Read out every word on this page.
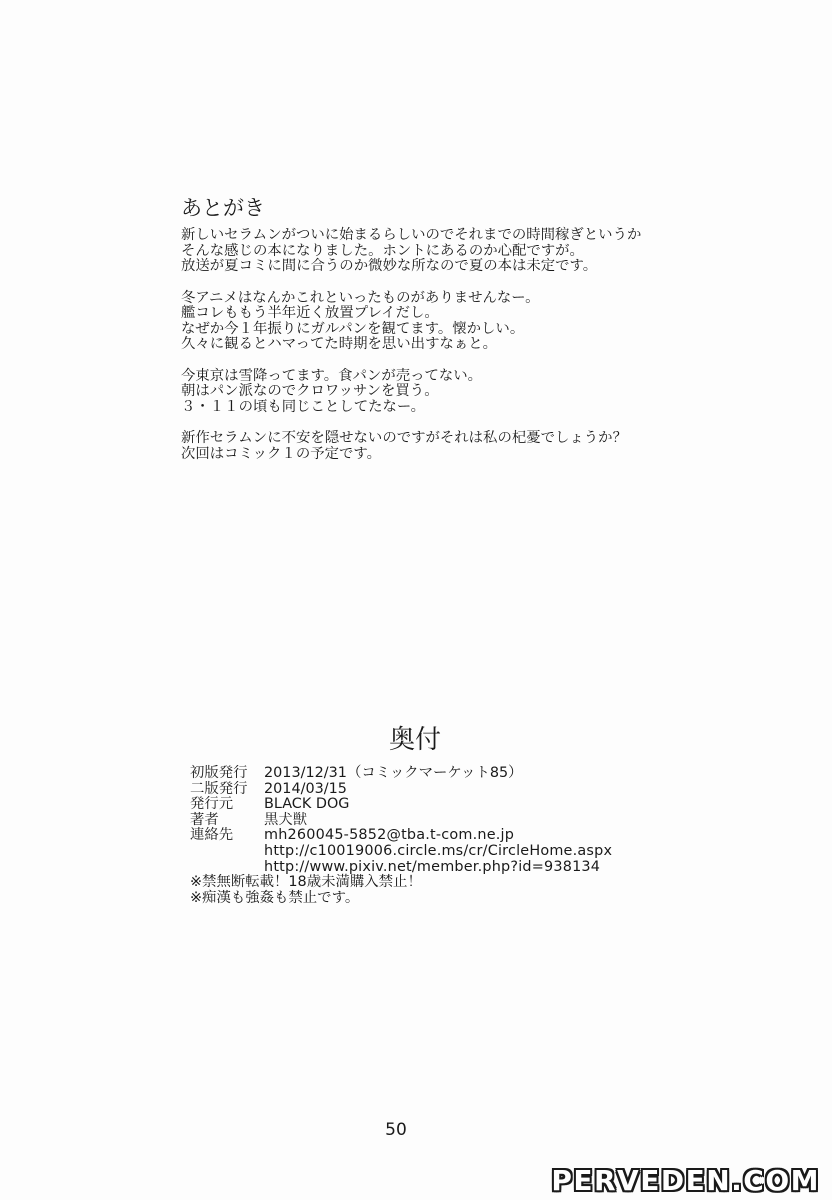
あとがき

新しいセラムンがついに始まるらしいのでそれまでの時間稼ぎというか
そんな感じの本になりました。ホントにあるのか心配ですが。
放送が夏コミに間に合うのか微妙な所なので夏の本は未定です。

冬アニメはなんかこれといったものがありませんなー。
艦コレももう半年近く放置プレイだし。
なぜか今１年振りにガルパンを観てます。懐かしい。
久々に観るとハマってた時期を思い出すなぁと。

今東京は雪降ってます。食パンが売ってない。
朝はパン派なのでクロワッサンを買う。
３・１１の頃も同じことしてたなー。

新作セラムンに不安を隠せないのですがそれは私の杞憂でしょうか？
次回はコミック１の予定です。

奥付
初版発行	2013/12/31（コミックマーケット85）
二版発行	2014/03/15
発行元	BLACK DOG
著者	黒犬獣
連絡先	mh260045-5852@tba.t-com.ne.jp
http://c10019006.circle.ms/cr/CircleHome.aspx
http://www.pixiv.net/member.php?id=938134
※禁無断転載！18歳未満購入禁止！
※痴漢も強姦も禁止です。
50
PERVEDEN.COM
